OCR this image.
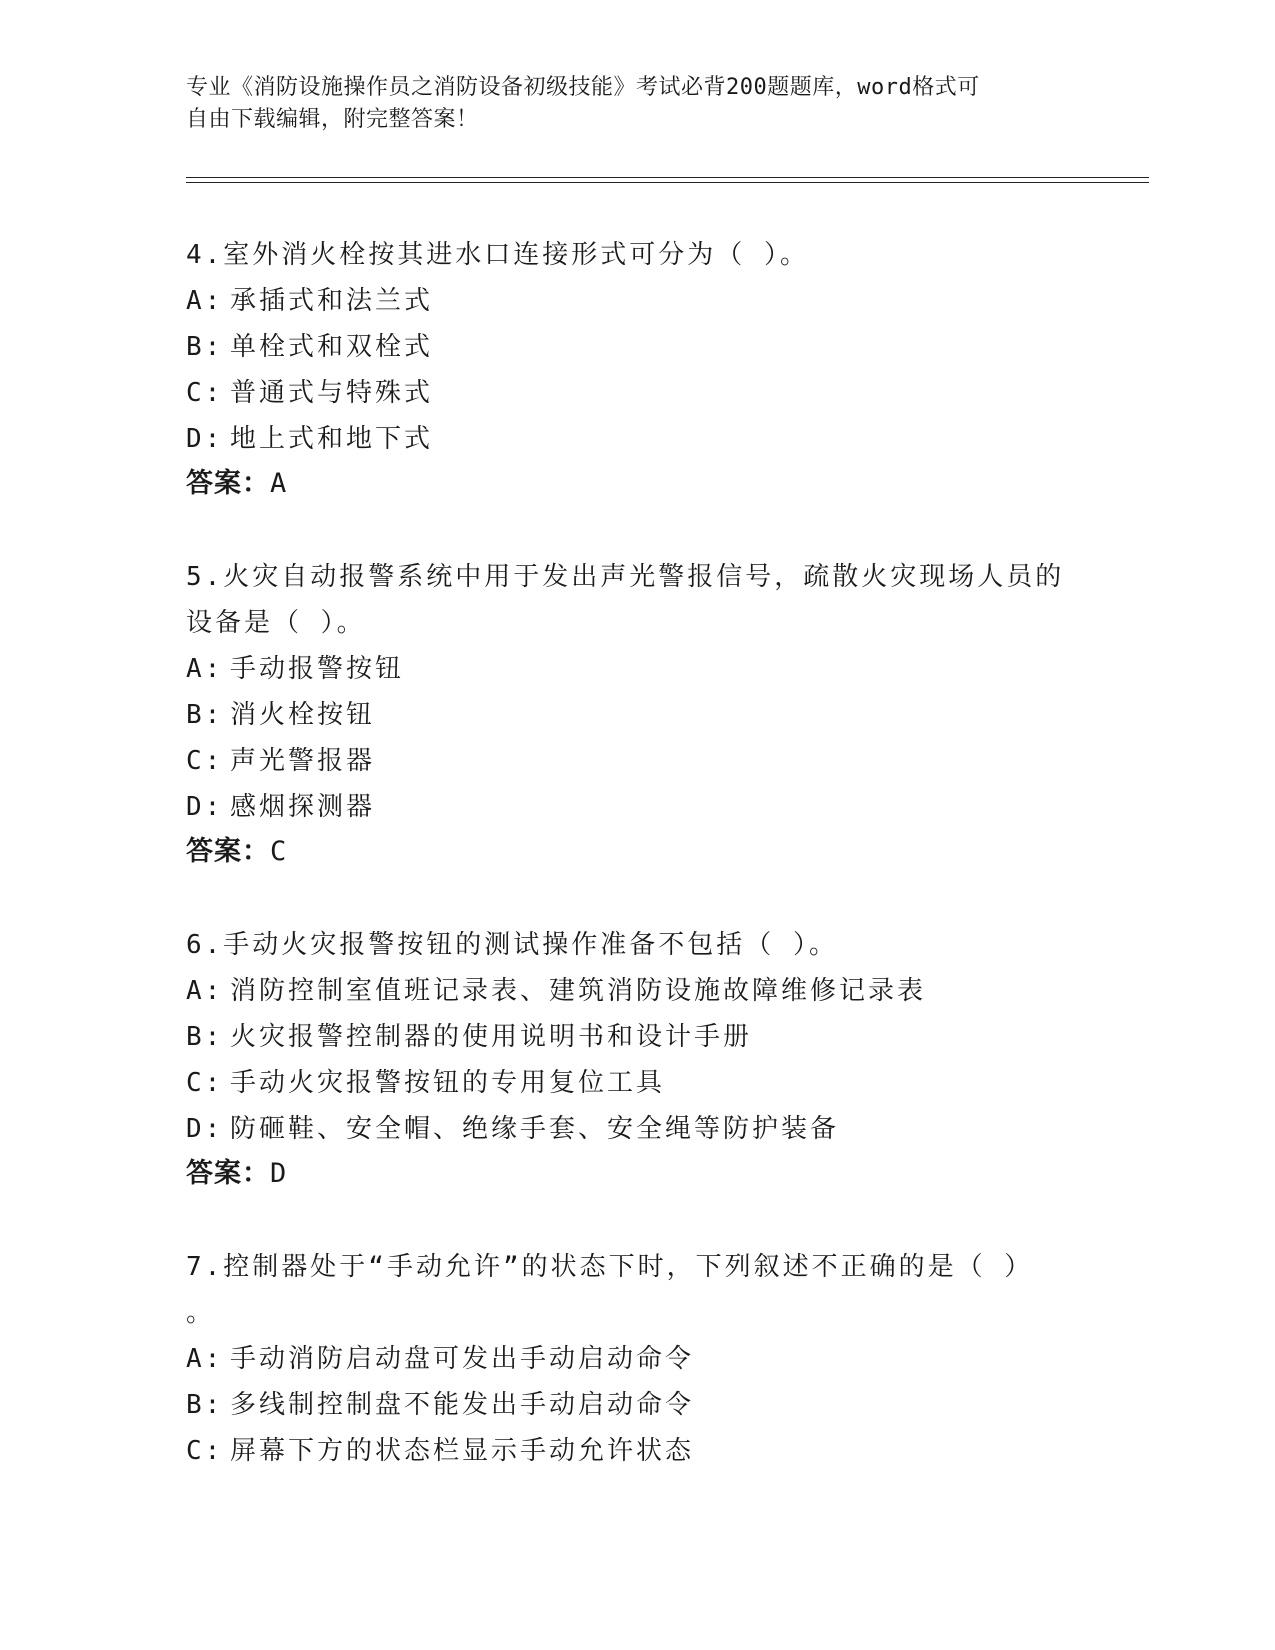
专业《消防设施操作员之消防设备初级技能》考试必背200题题库，word格式可
自由下载编辑，附完整答案！
4.室外消火栓按其进水口连接形式可分为（ ）。
A: 承插式和法兰式
B: 单栓式和双栓式
C: 普通式与特殊式
D: 地上式和地下式
答案：A
5.火灾自动报警系统中用于发出声光警报信号，疏散火灾现场人员的
设备是（ ）。
A: 手动报警按钮
B: 消火栓按钮
C: 声光警报器
D: 感烟探测器
答案：C
6.手动火灾报警按钮的测试操作准备不包括（ ）。
A: 消防控制室值班记录表、建筑消防设施故障维修记录表
B: 火灾报警控制器的使用说明书和设计手册
C: 手动火灾报警按钮的专用复位工具
D: 防砸鞋、安全帽、绝缘手套、安全绳等防护装备
答案：D
7.控制器处于“手动允许”的状态下时，下列叙述不正确的是（ ）
。
A: 手动消防启动盘可发出手动启动命令
B: 多线制控制盘不能发出手动启动命令
C: 屏幕下方的状态栏显示手动允许状态
